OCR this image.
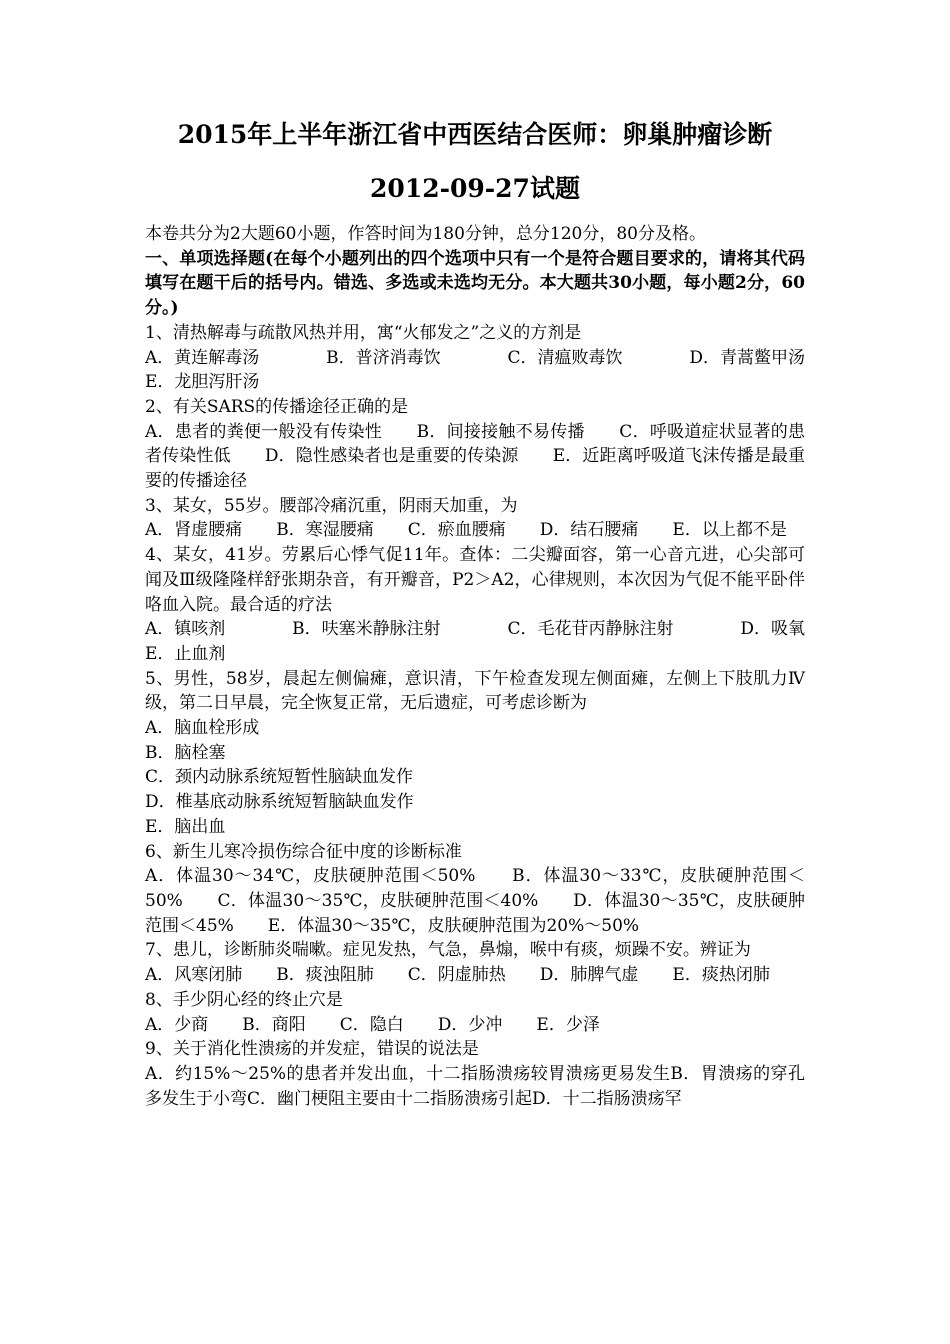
2015年上半年浙江省中西医结合医师：卵巢肿瘤诊断
2012-09-27试题

本卷共分为2大题60小题，作答时间为180分钟，总分120分，80分及格。

一、单项选择题(在每个小题列出的四个选项中只有一个是符合题目要求的，请将其代码填写在题干后的括号内。错选、多选或未选均无分。本大题共30小题，每小题2分，60分。)

1、清热解毒与疏散风热并用，寓“火郁发之”之义的方剂是

A．黄连解毒汤	B．普济消毒饮	C．清瘟败毒饮	D．青蒿鳖甲汤

E．龙胆泻肝汤

2、有关SARS的传播途径正确的是

A．患者的粪便一般没有传染性　　B．间接接触不易传播　　C．呼吸道症状显著的患者传染性低　　D．隐性感染者也是重要的传染源　　E．近距离呼吸道飞沫传播是最重要的传播途径

3、某女，55岁。腰部冷痛沉重，阴雨天加重，为

A．肾虚腰痛　　B．寒湿腰痛　　C．瘀血腰痛　　D．结石腰痛　　E．以上都不是

4、某女，41岁。劳累后心悸气促11年。查体：二尖瓣面容，第一心音亢进，心尖部可闻及Ⅲ级隆隆样舒张期杂音，有开瓣音，P2＞A2，心律规则，本次因为气促不能平卧伴咯血入院。最合适的疗法

A．镇咳剂	B．呋塞米静脉注射	C．毛花苷丙静脉注射	D．吸氧

E．止血剂

5、男性，58岁，晨起左侧偏瘫，意识清，下午检查发现左侧面瘫，左侧上下肢肌力Ⅳ级，第二日早晨，完全恢复正常，无后遗症，可考虑诊断为

A．脑血栓形成

B．脑栓塞

C．颈内动脉系统短暂性脑缺血发作

D．椎基底动脉系统短暂脑缺血发作

E．脑出血

6、新生儿寒冷损伤综合征中度的诊断标准

A．体温30～34℃，皮肤硬肿范围＜50%　　B．体温30～33℃，皮肤硬肿范围＜50%　　C．体温30～35℃，皮肤硬肿范围＜40%　　D．体温30～35℃，皮肤硬肿范围＜45%　　E．体温30～35℃，皮肤硬肿范围为20%～50%

7、患儿，诊断肺炎喘嗽。症见发热，气急，鼻煽，喉中有痰，烦躁不安。辨证为

A．风寒闭肺　　B．痰浊阻肺　　C．阴虚肺热　　D．肺脾气虚　　E．痰热闭肺

8、手少阴心经的终止穴是

A．少商　　B．商阳　　C．隐白　　D．少冲　　E．少泽

9、关于消化性溃疡的并发症，错误的说法是

A．约15%～25%的患者并发出血，十二指肠溃疡较胃溃疡更易发生B．胃溃疡的穿孔多发生于小弯C．幽门梗阻主要由十二指肠溃疡引起D．十二指肠溃疡罕
